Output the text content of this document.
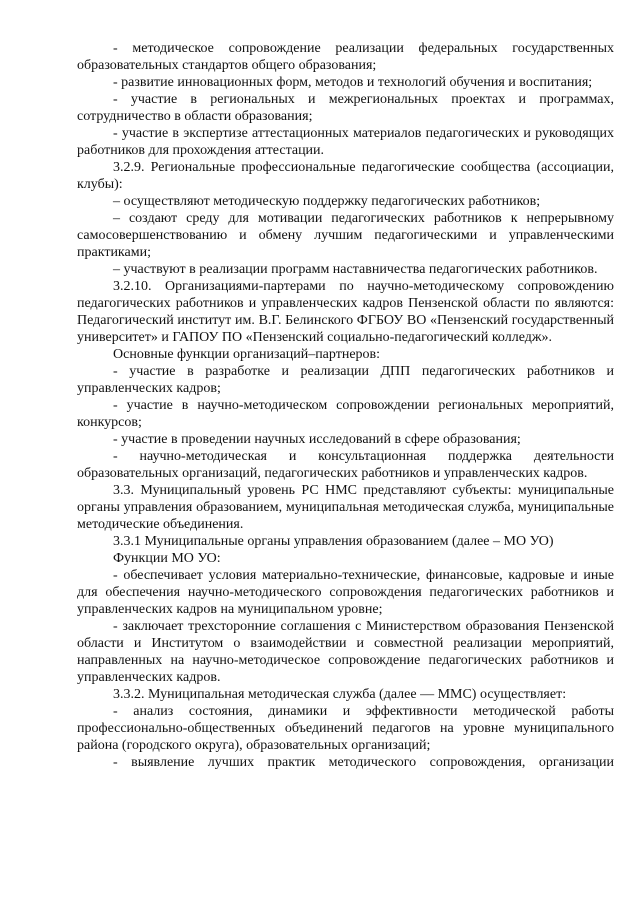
- методическое сопровождение реализации федеральных государственных образовательных стандартов общего образования;

- развитие инновационных форм, методов и технологий обучения и воспитания;

- участие в региональных и межрегиональных проектах и программах, сотрудничество в области образования;

- участие в экспертизе аттестационных материалов педагогических и руководящих работников для прохождения аттестации.

3.2.9. Региональные профессиональные педагогические сообщества (ассоциации, клубы):

– осуществляют методическую поддержку педагогических работников;

– создают среду для мотивации педагогических работников к непрерывному самосовершенствованию и обмену лучшим педагогическими и управленческими практиками;

– участвуют в реализации программ наставничества педагогических работников.

3.2.10. Организациями-партерами по научно-методическому сопровождению педагогических работников и управленческих кадров Пензенской области по являются: Педагогический институт им. В.Г. Белинского ФГБОУ ВО «Пензенский государственный университет» и ГАПОУ ПО «Пензенский социально-педагогический колледж».

Основные функции организаций–партнеров:

- участие в разработке и реализации ДПП педагогических работников и управленческих кадров;

- участие в научно-методическом сопровождении региональных мероприятий, конкурсов;

- участие в проведении научных исследований в сфере образования;

- научно-методическая и консультационная поддержка деятельности образовательных организаций, педагогических работников и управленческих кадров.

3.3. Муниципальный уровень РС НМС представляют субъекты: муниципальные органы управления образованием, муниципальная методическая служба, муниципальные методические объединения.

3.3.1 Муниципальные органы управления образованием (далее – МО УО)

Функции МО УО:

- обеспечивает условия материально-технические, финансовые, кадровые и иные для обеспечения научно-методического сопровождения педагогических работников и управленческих кадров на муниципальном уровне;

- заключает трехсторонние соглашения с Министерством образования Пензенской области и Институтом о взаимодействии и совместной реализации мероприятий, направленных на научно-методическое сопровождение педагогических работников и управленческих кадров.

3.3.2. Муниципальная методическая служба (далее — ММС) осуществляет:

- анализ состояния, динамики и эффективности методической работы профессионально-общественных объединений педагогов на уровне муниципального района (городского округа), образовательных организаций;

- выявление лучших практик методического сопровождения, организации
